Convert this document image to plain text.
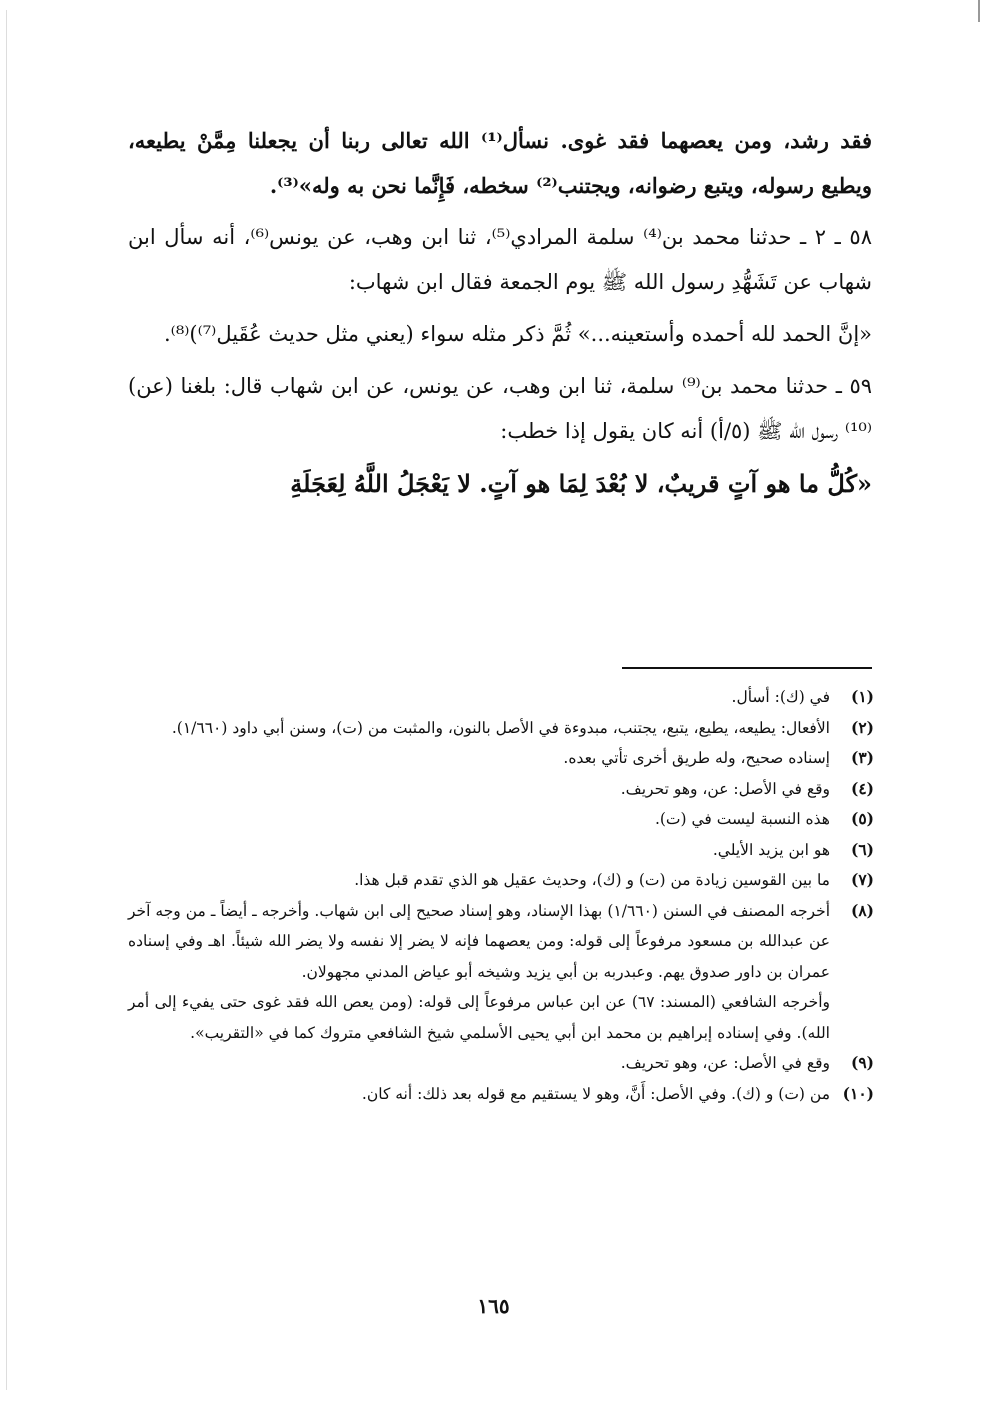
فقد رشد، ومن يعصهما فقد غوى. نسأل⁽¹⁾ الله تعالى ربنا أن يجعلنا مِمَّنْ يطيعه، ويطيع رسوله، ويتبع رضوانه، ويجتنب⁽²⁾ سخطه، فَإِنَّما نحن به وله»⁽³⁾.

٥٨ ـ ٢ ـ حدثنا محمد بن⁽⁴⁾ سلمة المرادي⁽⁵⁾، ثنا ابن وهب، عن يونس⁽⁶⁾، أنه سأل ابن شهاب عن تَشَهُّدِ رسول الله ﷺ يوم الجمعة فقال ابن شهاب:

«إنَّ الحمد لله أحمده وأستعينه...» ثُمَّ ذكر مثله سواء (يعني مثل حديث عُقَيل⁽⁷⁾)⁽⁸⁾.

٥٩ ـ حدثنا محمد بن⁽⁹⁾ سلمة، ثنا ابن وهب، عن يونس، عن ابن شهاب قال: بلغنا (عن)⁽¹⁰⁾ رسول الله ﷺ (٥/أ) أنه كان يقول إذا خطب:

«كُلُّ ما هو آتٍ قريبٌ، لا بُعْدَ لِمَا هو آتٍ. لا يَعْجَلُ اللَّهُ لِعَجَلَةِ

(١)
في (ك): أسأل.
(٢)
الأفعال: يطيعه، يطيع، يتبع، يجتنب، مبدوءة في الأصل بالنون، والمثبت من (ت)، وسنن أبي داود (١/٦٦٠).
(٣)
إسناده صحيح، وله طريق أخرى تأتي بعده.
(٤)
وقع في الأصل: عن، وهو تحريف.
(٥)
هذه النسبة ليست في (ت).
(٦)
هو ابن يزيد الأيلي.
(٧)
ما بين القوسين زيادة من (ت) و (ك)، وحديث عقيل هو الذي تقدم قبل هذا.
(٨)
أخرجه المصنف في السنن (١/٦٦٠) بهذا الإسناد، وهو إسناد صحيح إلى ابن شهاب. وأخرجه ـ أيضاً ـ من وجه آخر عن عبدالله بن مسعود مرفوعاً إلى قوله: ومن يعصهما فإنه لا يضر إلا نفسه ولا يضر الله شيئاً. اهـ وفي إسناده عمران بن داور صدوق يهم. وعبدربه بن أبي يزيد وشيخه أبو عياض المدني مجهولان.
وأخرجه الشافعي (المسند: ٦٧) عن ابن عباس مرفوعاً إلى قوله: (ومن يعص الله فقد غوى حتى يفيء إلى أمر الله). وفي إسناده إبراهيم بن محمد ابن أبي يحيى الأسلمي شيخ الشافعي متروك كما في «التقريب».
(٩)
وقع في الأصل: عن، وهو تحريف.
(١٠)
من (ت) و (ك). وفي الأصل: أَنَّ، وهو لا يستقيم مع قوله بعد ذلك: أنه كان.
١٦٥
